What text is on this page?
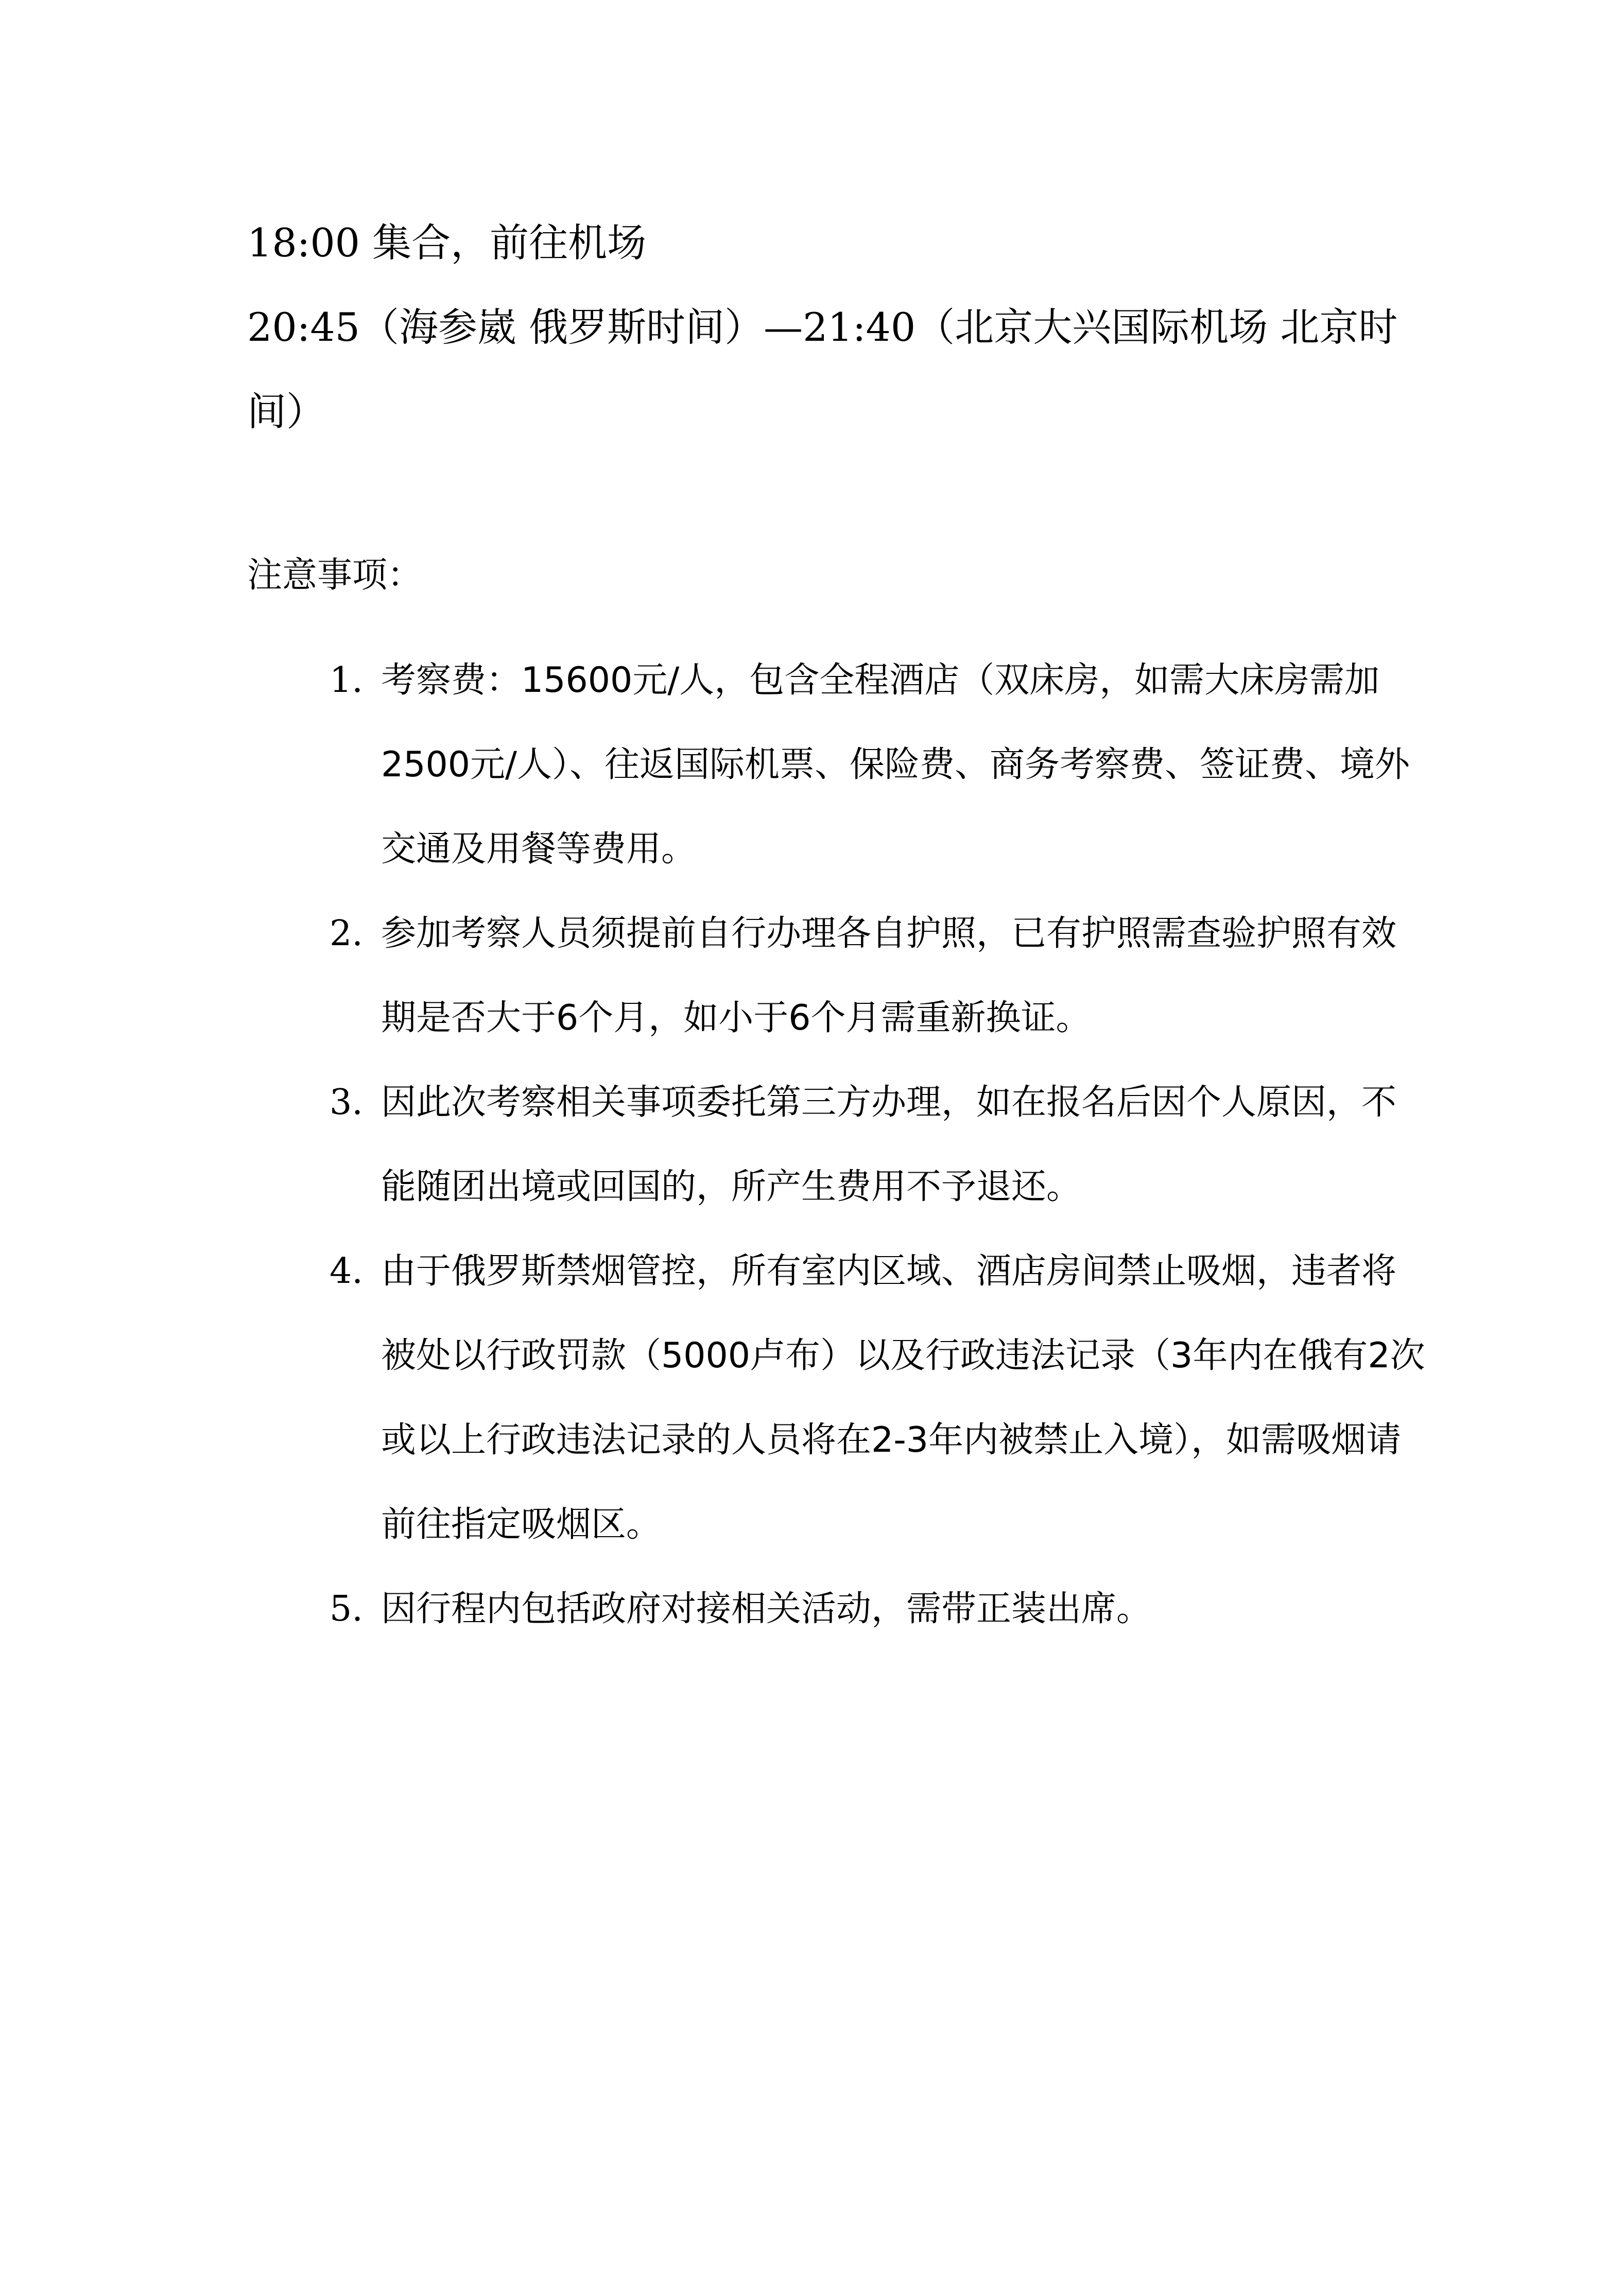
18:00 集合，前往机场

20:45（海参崴 俄罗斯时间）—21:40（北京大兴国际机场 北京时间）

注意事项：

1. 考察费：15600元/人，包含全程酒店（双床房，如需大床房需加2500元/人）、往返国际机票、保险费、商务考察费、签证费、境外交通及用餐等费用。
2. 参加考察人员须提前自行办理各自护照，已有护照需查验护照有效期是否大于6个月，如小于6个月需重新换证。
3. 因此次考察相关事项委托第三方办理，如在报名后因个人原因，不能随团出境或回国的，所产生费用不予退还。
4. 由于俄罗斯禁烟管控，所有室内区域、酒店房间禁止吸烟，违者将被处以行政罚款（5000卢布）以及行政违法记录（3年内在俄有2次或以上行政违法记录的人员将在2-3年内被禁止入境），如需吸烟请前往指定吸烟区。
5. 因行程内包括政府对接相关活动，需带正装出席。
